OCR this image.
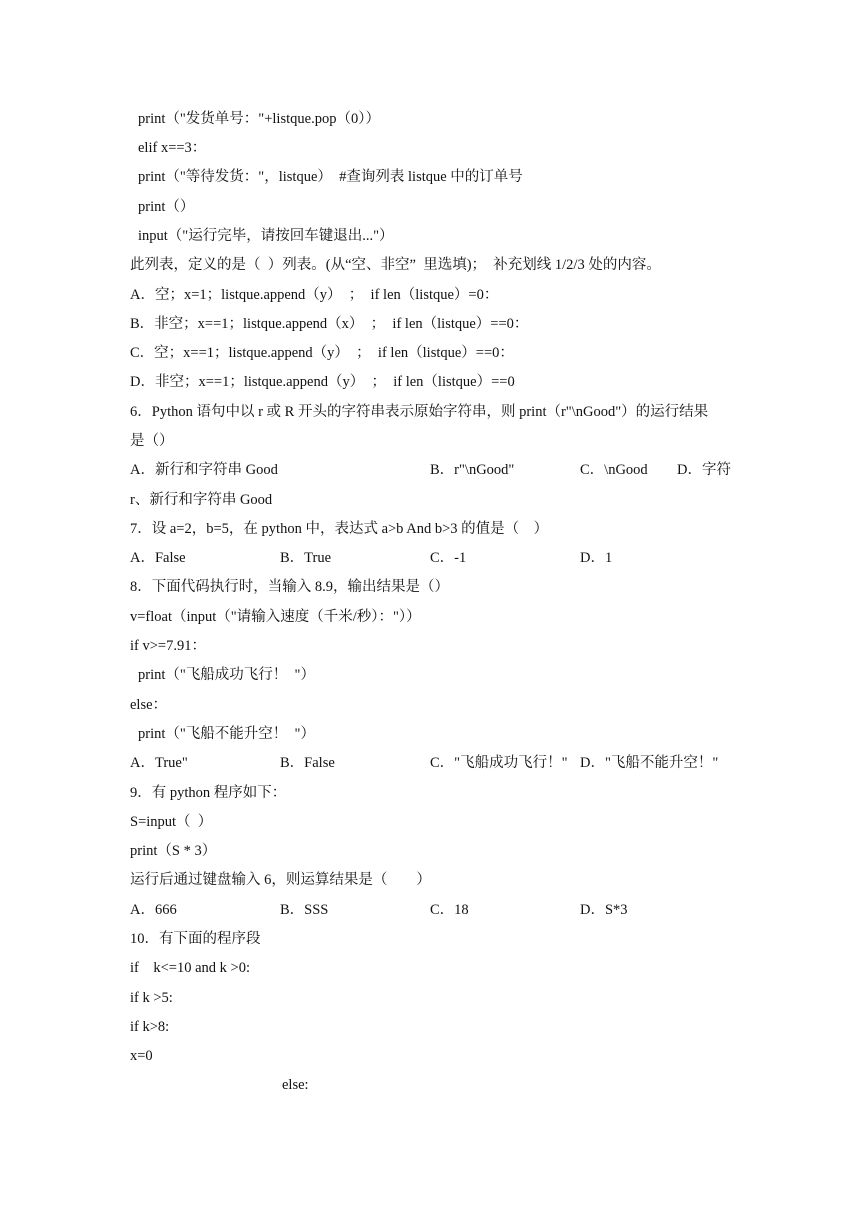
print（"发货单号："+listque.pop（0））
elif x==3：
print（"等待发货："，listque）  #查询列表 listque 中的订单号
print（）
input（"运行完毕，请按回车键退出..."）
此列表，定义的是（  ）列表。(从“空、非空”  里选填)；  补充划线 1/2/3 处的内容。
A．空；x=1；listque.append（y）  ；  if len（listque）=0：
B．非空；x==1；listque.append（x）  ；  if len（listque）==0：
C．空；x==1；listque.append（y）  ；  if len（listque）==0：
D．非空；x==1；listque.append（y）  ；  if len（listque）==0
6．Python 语句中以 r 或 R 开头的字符串表示原始字符串，则 print（r"\nGood"）的运行结果
是（）
A．新行和字符串 Good	B．r"\nGood"	C．\nGood D．字符
r、新行和字符串 Good
7．设 a=2，b=5，在 python 中，表达式 a>b And b>3 的值是（    ）
A．False	B．True	C．-1	D．1
8．下面代码执行时，当输入 8.9，输出结果是（）
v=float（input（"请输入速度（千米/秒）："））
if v>=7.91：
print（"飞船成功飞行！  "）
else：
print（"飞船不能升空！  "）
A．True"	B．False	C．"飞船成功飞行！" D．"飞船不能升空！"
9．有 python 程序如下：
S=input（  ）
print（S * 3）
运行后通过键盘输入 6，则运算结果是（        ）
A．666	B．SSS	C．18	D．S*3
10．有下面的程序段
if    k<=10 and k >0:
if k >5:
if k>8:
x=0
else:
